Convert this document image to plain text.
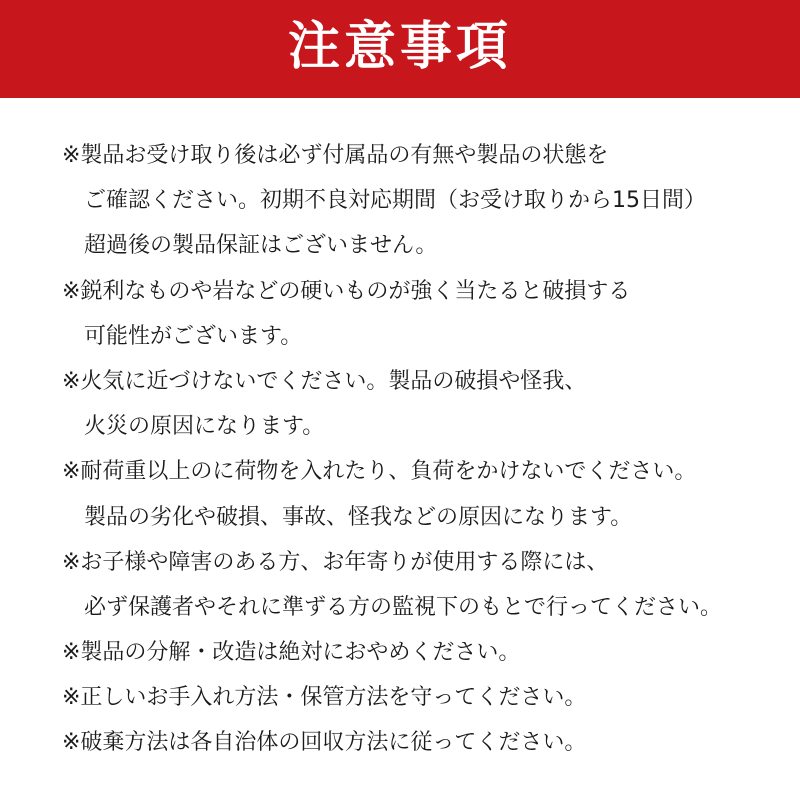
注意事項
※製品お受け取り後は必ず付属品の有無や製品の状態を
ご確認ください。初期不良対応期間（お受け取りから15日間）
超過後の製品保証はございません。
※鋭利なものや岩などの硬いものが強く当たると破損する
可能性がございます。
※火気に近づけないでください。製品の破損や怪我、
火災の原因になります。
※耐荷重以上のに荷物を入れたり、負荷をかけないでください。
製品の劣化や破損、事故、怪我などの原因になります。
※お子様や障害のある方、お年寄りが使用する際には、
必ず保護者やそれに準ずる方の監視下のもとで行ってください。
※製品の分解・改造は絶対におやめください。
※正しいお手入れ方法・保管方法を守ってください。
※破棄方法は各自治体の回収方法に従ってください。
